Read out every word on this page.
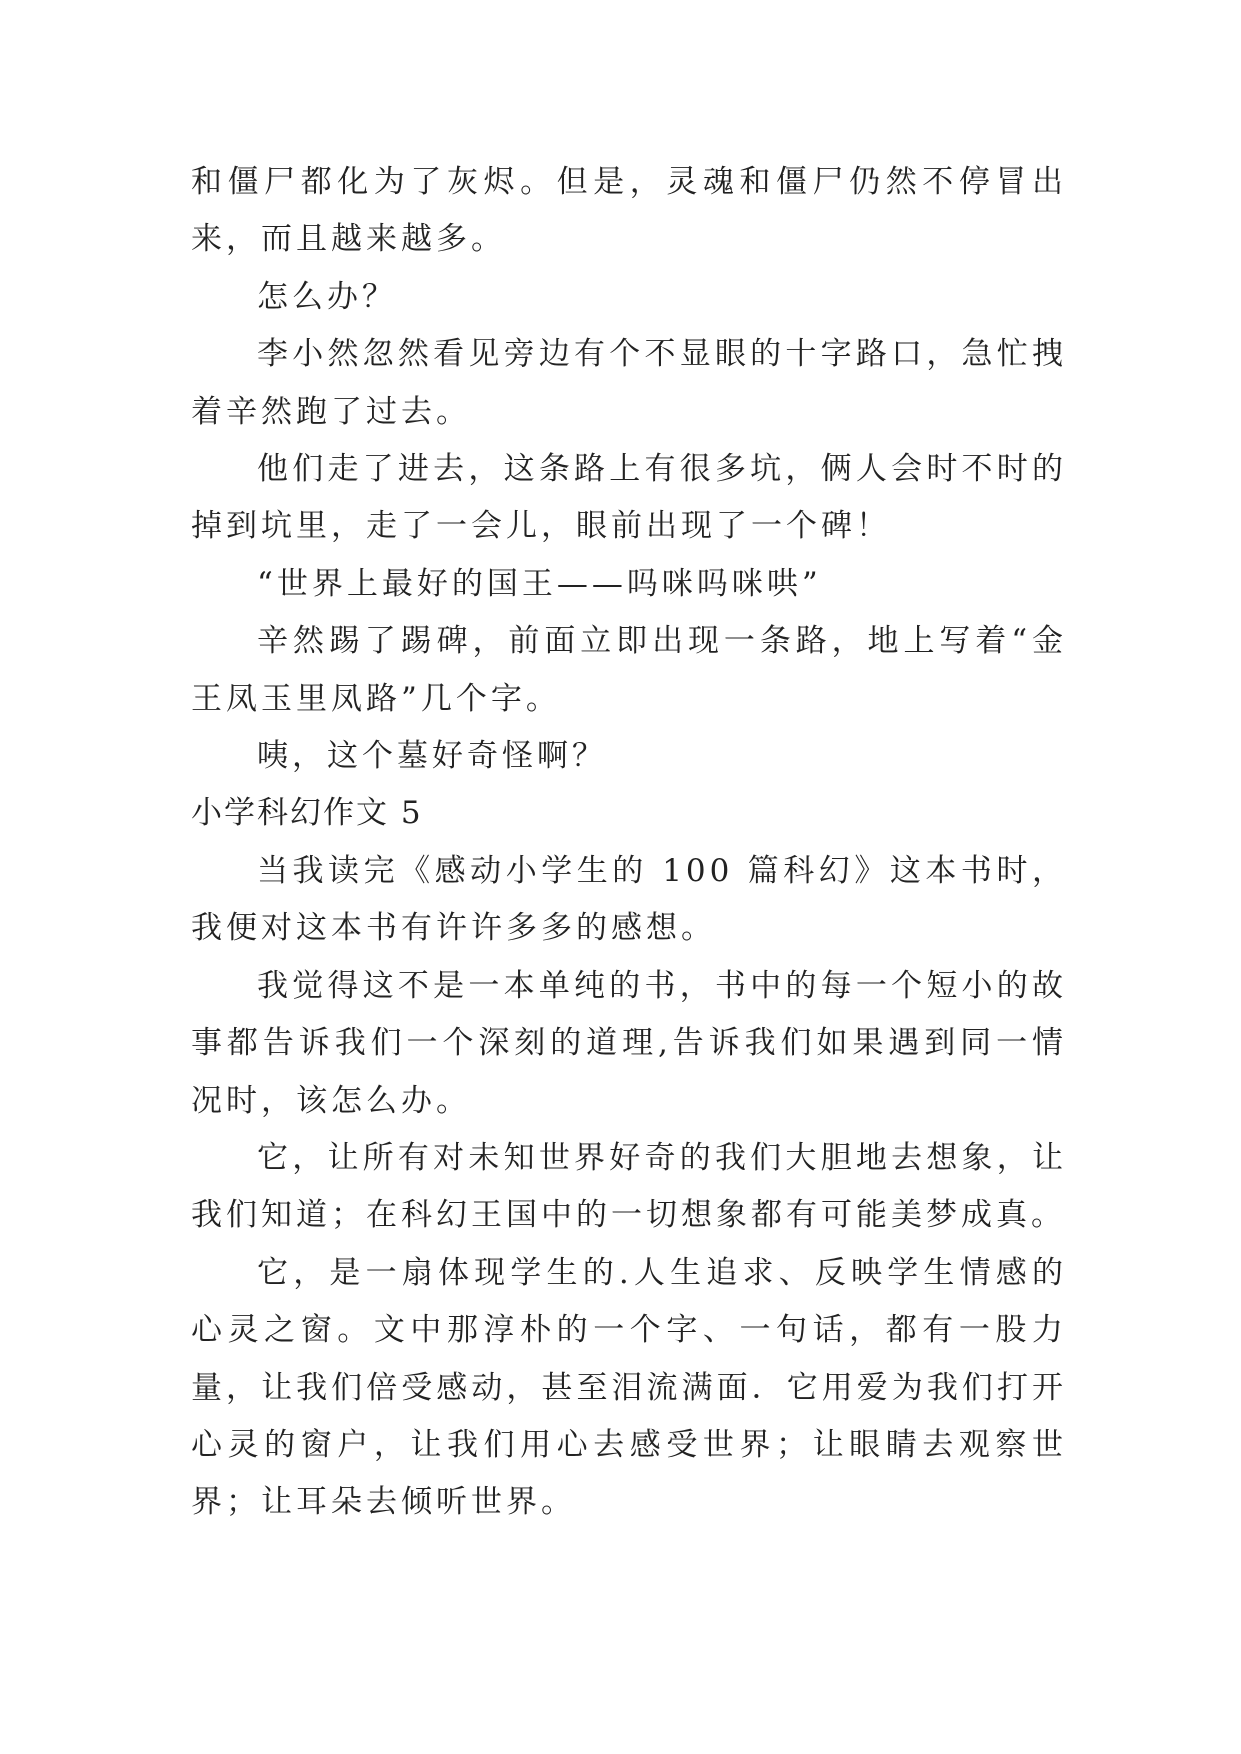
和僵尸都化为了灰烬。但是，灵魂和僵尸仍然不停冒出来，而且越来越多。

怎么办？

李小然忽然看见旁边有个不显眼的十字路口，急忙拽着辛然跑了过去。

他们走了进去，这条路上有很多坑，俩人会时不时的掉到坑里，走了一会儿，眼前出现了一个碑！

“世界上最好的国王——吗咪吗咪哄”

辛然踢了踢碑，前面立即出现一条路，地上写着“金王凤玉里凤路”几个字。

咦，这个墓好奇怪啊？

小学科幻作文 5

当我读完《感动小学生的 100 篇科幻》这本书时，我便对这本书有许许多多的感想。

我觉得这不是一本单纯的书，书中的每一个短小的故事都告诉我们一个深刻的道理,告诉我们如果遇到同一情况时，该怎么办。

它，让所有对未知世界好奇的我们大胆地去想象，让我们知道；在科幻王国中的一切想象都有可能美梦成真。

它，是一扇体现学生的.人生追求、反映学生情感的心灵之窗。文中那淳朴的一个字、一句话，都有一股力量，让我们倍受感动，甚至泪流满面．它用爱为我们打开心灵的窗户，让我们用心去感受世界；让眼睛去观察世界；让耳朵去倾听世界。
